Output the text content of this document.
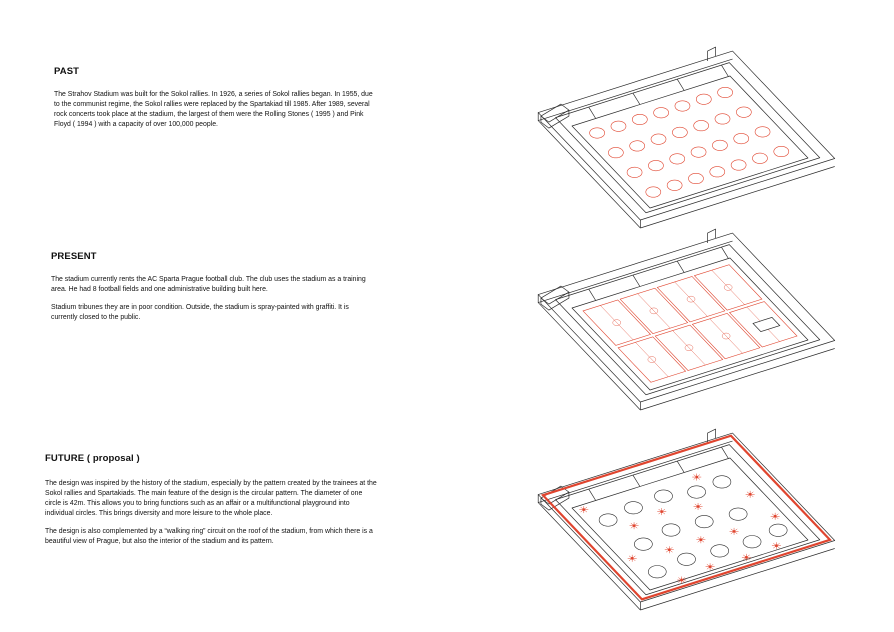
PAST

The Strahov Stadium was built for the Sokol rallies. In 1926, a series of Sokol rallies began. In 1955, due to the communist regime, the Sokol rallies were replaced by the Spartakiad till 1985. After 1989, several rock concerts took place at the stadium, the largest of them were the Rolling Stones ( 1995 ) and Pink Floyd ( 1994 ) with a capacity of over 100,000 people.

PRESENT

The stadium currently rents the AC Sparta Prague football club. The club uses the stadium as a training area. He had 8 football fields and one administrative building built here.

Stadium tribunes they are in poor condition. Outside, the stadium is spray-painted with graffiti. It is currently closed to the public.

FUTURE ( proposal )

The design was inspired by the history of the stadium, especially by the pattern created by the trainees at the Sokol rallies and Spartakiads. The main feature of the design is the circular pattern. The diameter of one circle is 42m. This allows you to bring functions such as an affair or a multifunctional playground into individual circles. This brings diversity and more leisure to the whole place.

The design is also complemented by a “walking ring” circuit on the roof of the stadium, from which there is a beautiful view of Prague, but also the interior of the stadium and its pattern.
